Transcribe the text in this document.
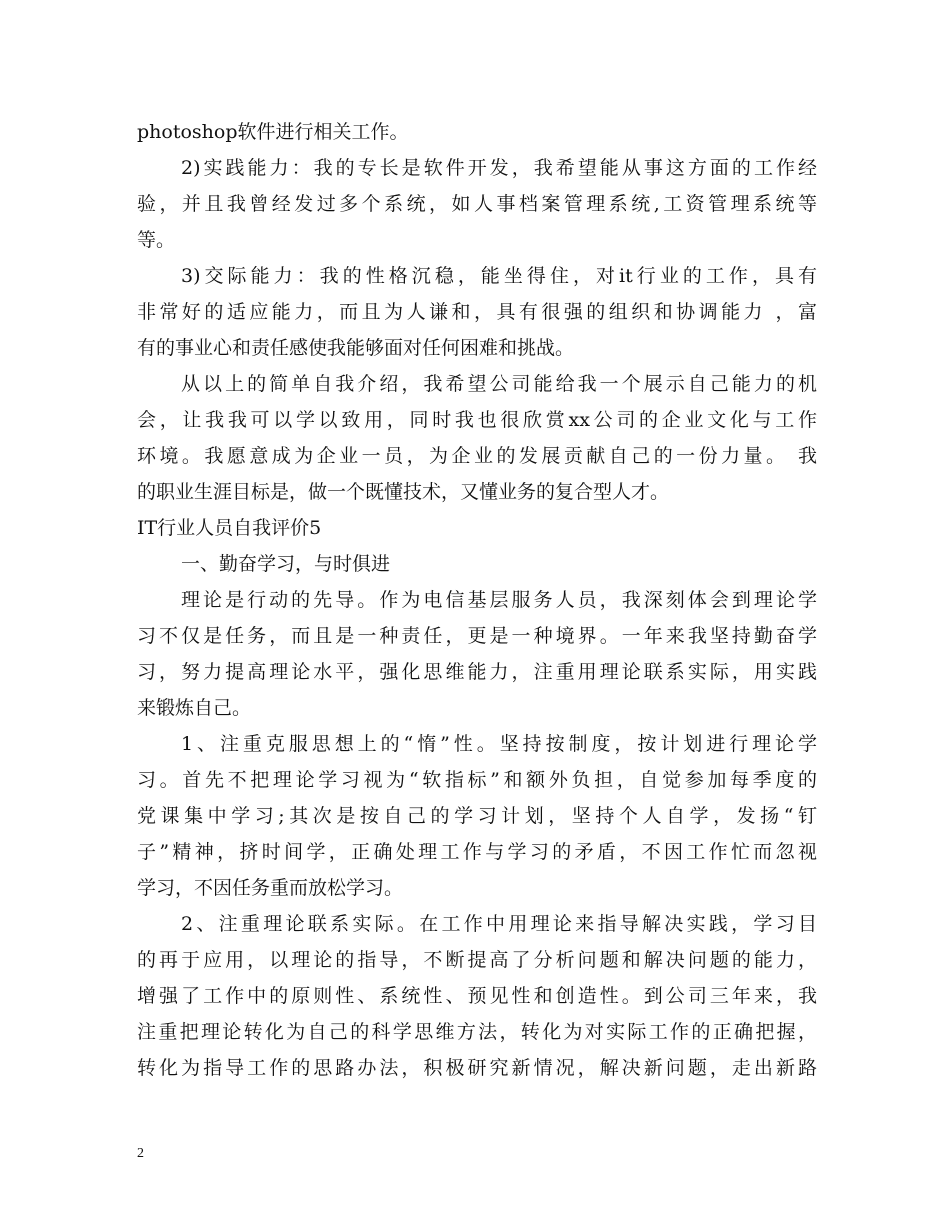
photoshop软件进行相关工作。
2)实践能力：我的专长是软件开发，我希望能从事这方面的工作经
验，并且我曾经发过多个系统，如人事档案管理系统,工资管理系统等
等。
3)交际能力：我的性格沉稳，能坐得住，对it行业的工作，具有
非常好的适应能力，而且为人谦和，具有很强的组织和协调能力 ，富
有的事业心和责任感使我能够面对任何困难和挑战。
从以上的简单自我介绍，我希望公司能给我一个展示自己能力的机
会，让我我可以学以致用，同时我也很欣赏xx公司的企业文化与工作
环境。我愿意成为企业一员，为企业的发展贡献自己的一份力量。 我
的职业生涯目标是，做一个既懂技术，又懂业务的复合型人才。
IT行业人员自我评价5
一、勤奋学习，与时俱进
理论是行动的先导。作为电信基层服务人员，我深刻体会到理论学
习不仅是任务，而且是一种责任，更是一种境界。一年来我坚持勤奋学
习，努力提高理论水平，强化思维能力，注重用理论联系实际，用实践
来锻炼自己。
1、注重克服思想上的“惰”性。坚持按制度，按计划进行理论学
习。首先不把理论学习视为“软指标”和额外负担，自觉参加每季度的
党课集中学习;其次是按自己的学习计划，坚持个人自学，发扬“钉
子”精神，挤时间学，正确处理工作与学习的矛盾，不因工作忙而忽视
学习，不因任务重而放松学习。
2、注重理论联系实际。在工作中用理论来指导解决实践，学习目
的再于应用，以理论的指导，不断提高了分析问题和解决问题的能力，
增强了工作中的原则性、系统性、预见性和创造性。到公司三年来，我
注重把理论转化为自己的科学思维方法，转化为对实际工作的正确把握，
转化为指导工作的思路办法，积极研究新情况，解决新问题，走出新路
2
